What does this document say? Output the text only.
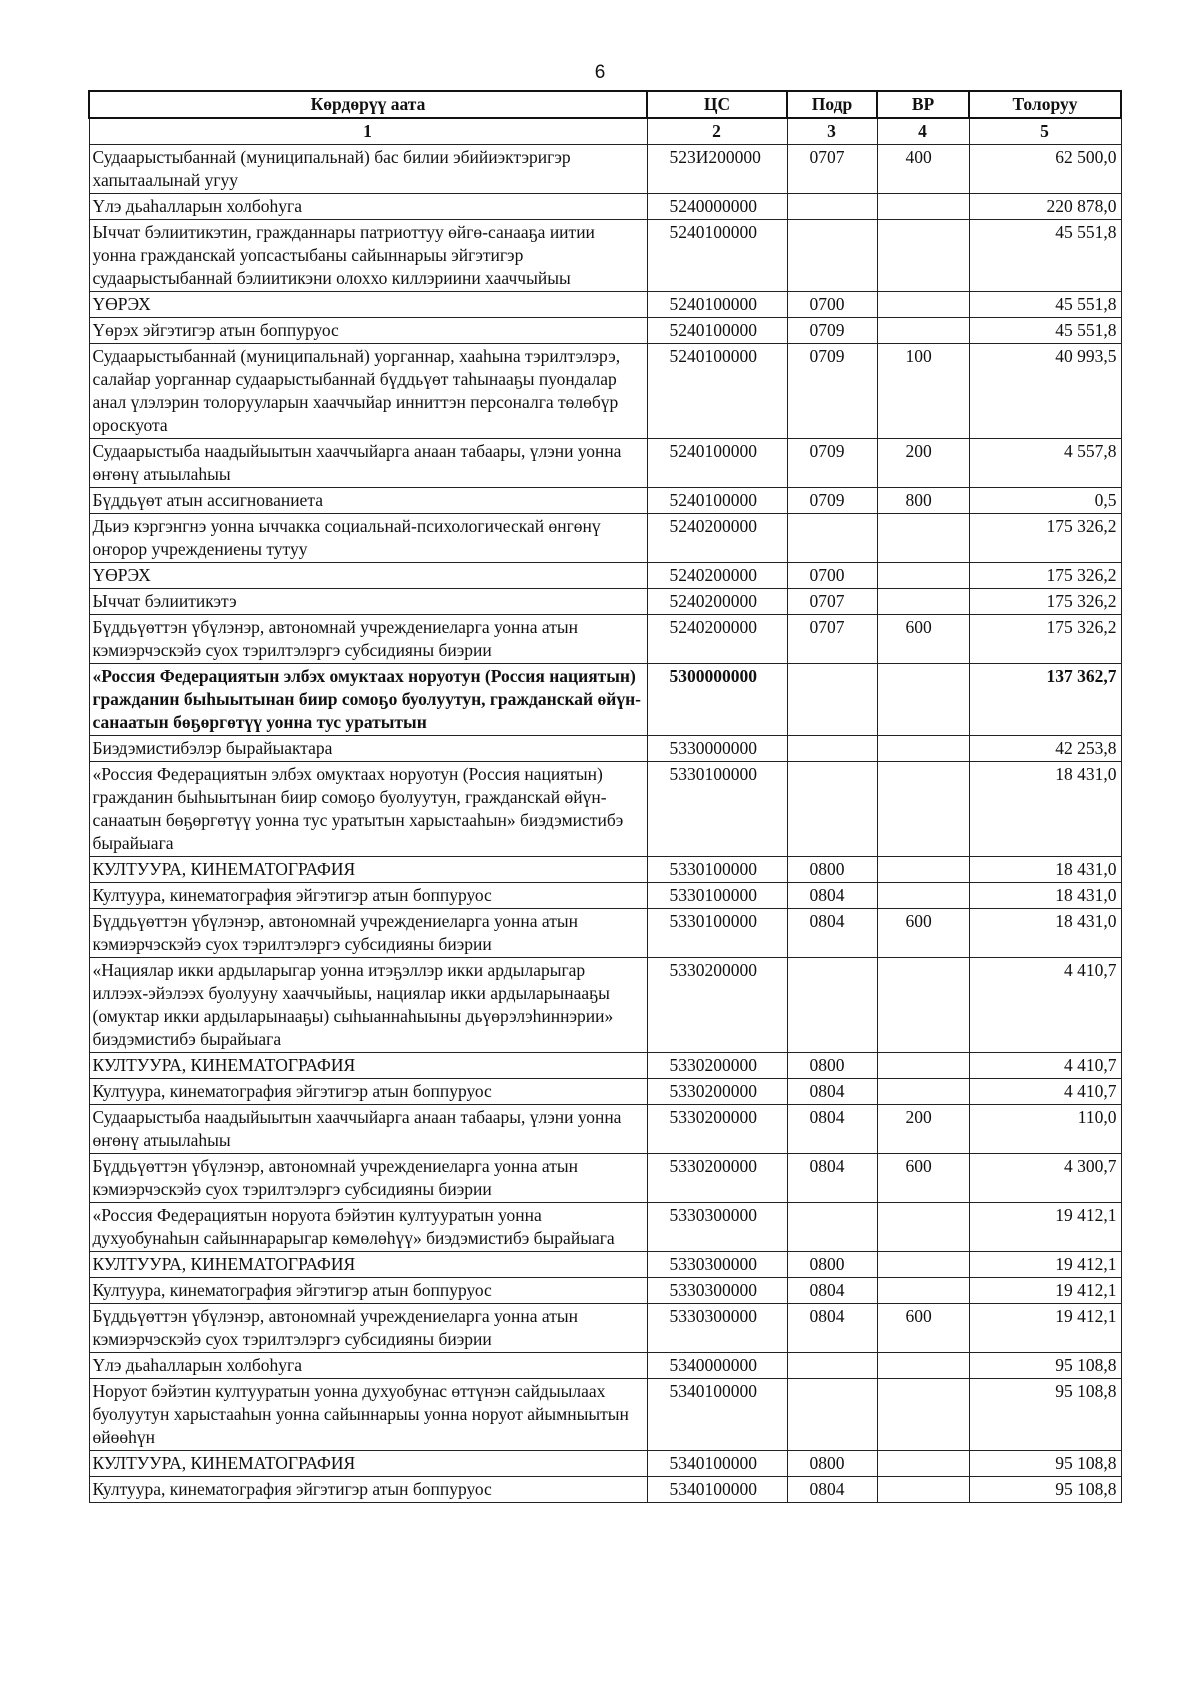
6
Көрдөрүү аата	ЦС	Подр	ВР	Толоруу
1	2	3	4	5
Судаарыстыбаннай (муниципальнай) бас билии эбийиэктэригэр хапытаалынай угуу	523И200000	0707	400	62 500,0
Үлэ дьаһалларын холбоһуга	5240000000			220 878,0
Ыччат бэлиитикэтин, гражданнары патриоттуу өйгө-санааҕа иитии уонна гражданскай уопсастыбаны сайыннарыы эйгэтигэр судаарыстыбаннай бэлиитикэни олоххо киллэриини хааччыйыы	5240100000			45 551,8
ҮӨРЭХ	5240100000	0700		45 551,8
Үөрэх эйгэтигэр атын боппуруос	5240100000	0709		45 551,8
Судаарыстыбаннай (муниципальнай) уорганнар, хааһына тэрилтэлэрэ, салайар уорганнар судаарыстыбаннай бүддьүөт таһынааҕы пуондалар анал үлэлэрин толорууларын хааччыйар инниттэн персоналга төлөбүр ороскуота	5240100000	0709	100	40 993,5
Судаарыстыба наадыйыытын хааччыйарга анаан табаары, үлэни уонна өҥөнү атыылаһыы	5240100000	0709	200	4 557,8
Бүддьүөт атын ассигнованиета	5240100000	0709	800	0,5
Дьиэ кэргэнгнэ уонна ыччакка социальнай-психологическай өнгөнү оҥорор учреждениены тутуу	5240200000			175 326,2
ҮӨРЭХ	5240200000	0700		175 326,2
Ыччат бэлиитикэтэ	5240200000	0707		175 326,2
Бүддьүөттэн үбүлэнэр, автономнай учреждениеларга уонна атын кэмиэрчэскэйэ суох тэрилтэлэргэ субсидияны биэрии	5240200000	0707	600	175 326,2
«Россия Федерациятын элбэх омуктаах норуотун (Россия нациятын) гражданин быһыытынан биир сомоҕо буолуутун, гражданскай өйүн-санаатын бөҕөргөтүү уонна тус уратытын	5300000000			137 362,7
Биэдэмистибэлэр бырайыактара	5330000000			42 253,8
«Россия Федерациятын элбэх омуктаах норуотун (Россия нациятын) гражданин быһыытынан биир сомоҕо буолуутун, гражданскай өйүн-санаатын бөҕөргөтүү уонна тус уратытын харыстааһын» биэдэмистибэ бырайыага	5330100000			18 431,0
КУЛТУУРА, КИНЕМАТОГРАФИЯ	5330100000	0800		18 431,0
Култуура, кинематография эйгэтигэр атын боппуруос	5330100000	0804		18 431,0
Бүддьүөттэн үбүлэнэр, автономнай учреждениеларга уонна атын кэмиэрчэскэйэ суох тэрилтэлэргэ субсидияны биэрии	5330100000	0804	600	18 431,0
«Нациялар икки ардыларыгар уонна итэҕэллэр икки ардыларыгар иллээх-эйэлээх буолууну хааччыйыы, нациялар икки ардыларынааҕы (омуктар икки ардыларынааҕы) сыһыаннаһыыны дьүөрэлэһиннэрии» биэдэмистибэ бырайыага	5330200000			4 410,7
КУЛТУУРА, КИНЕМАТОГРАФИЯ	5330200000	0800		4 410,7
Култуура, кинематография эйгэтигэр атын боппуруос	5330200000	0804		4 410,7
Судаарыстыба наадыйыытын хааччыйарга анаан табаары, үлэни уонна өҥөнү атыылаһыы	5330200000	0804	200	110,0
Бүддьүөттэн үбүлэнэр, автономнай учреждениеларга уонна атын кэмиэрчэскэйэ суох тэрилтэлэргэ субсидияны биэрии	5330200000	0804	600	4 300,7
«Россия Федерациятын норуота бэйэтин култууратын уонна духуобунаһын сайыннарарыгар көмөлөһүү» биэдэмистибэ бырайыага	5330300000			19 412,1
КУЛТУУРА, КИНЕМАТОГРАФИЯ	5330300000	0800		19 412,1
Култуура, кинематография эйгэтигэр атын боппуруос	5330300000	0804		19 412,1
Бүддьүөттэн үбүлэнэр, автономнай учреждениеларга уонна атын кэмиэрчэскэйэ суох тэрилтэлэргэ субсидияны биэрии	5330300000	0804	600	19 412,1
Үлэ дьаһалларын холбоһуга	5340000000			95 108,8
Норуот бэйэтин култууратын уонна духуобунас өттүнэн сайдыылаах буолуутун харыстааһын уонна сайыннарыы уонна норуот айымныытын өйөөһүн	5340100000			95 108,8
КУЛТУУРА, КИНЕМАТОГРАФИЯ	5340100000	0800		95 108,8
Култуура, кинематография эйгэтигэр атын боппуруос	5340100000	0804		95 108,8
